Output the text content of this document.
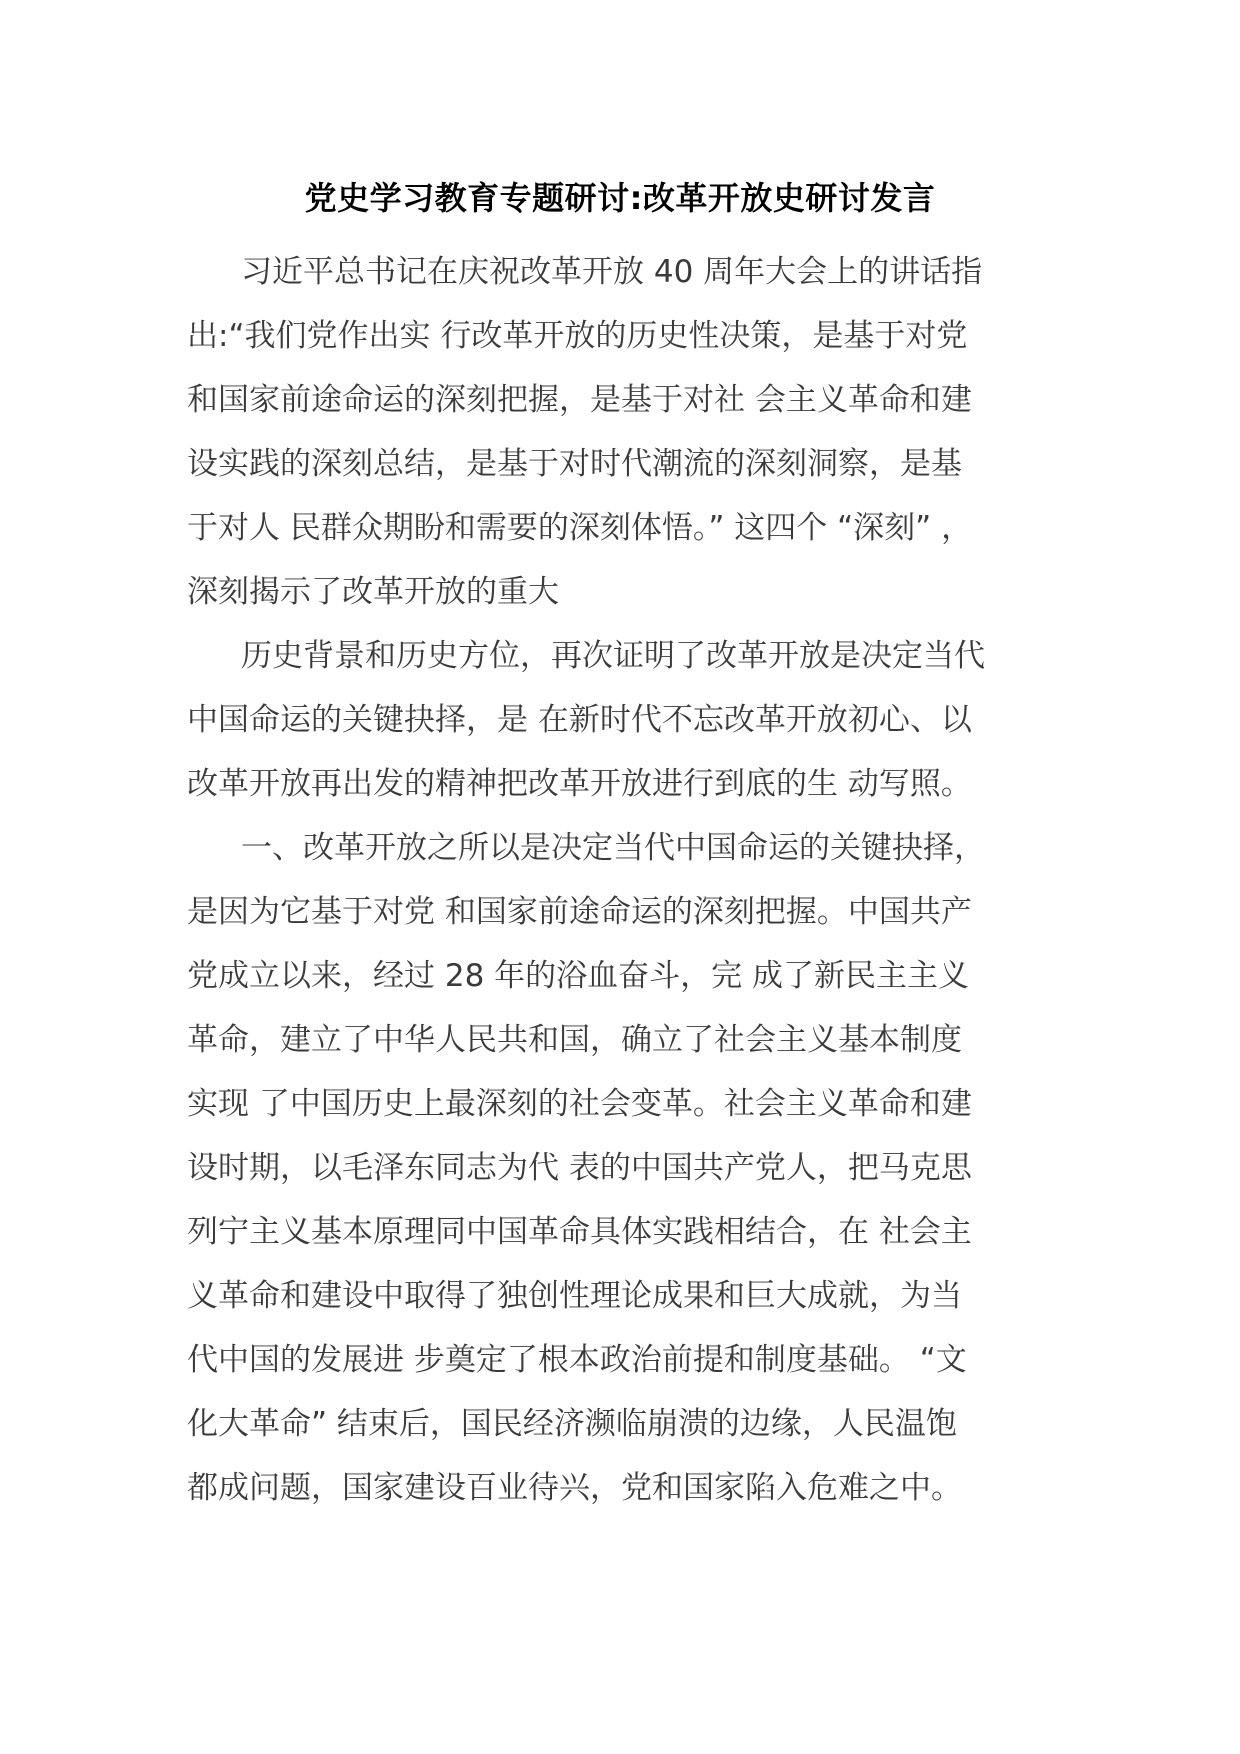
党史学习教育专题研讨:改革开放史研讨发言
习近平总书记在庆祝改革开放 40 周年大会上的讲话指
出:“我们党作出实 行改革开放的历史性决策，是基于对党
和国家前途命运的深刻把握，是基于对社 会主义革命和建
设实践的深刻总结，是基于对时代潮流的深刻洞察，是基
于对人 民群众期盼和需要的深刻体悟。” 这四个 “深刻” ，
深刻揭示了改革开放的重大
历史背景和历史方位，再次证明了改革开放是决定当代
中国命运的关键抉择，是 在新时代不忘改革开放初心、以
改革开放再出发的精神把改革开放进行到底的生 动写照。
一、改革开放之所以是决定当代中国命运的关键抉择，
是因为它基于对党 和国家前途命运的深刻把握。中国共产
党成立以来，经过 28 年的浴血奋斗，完 成了新民主主义
革命，建立了中华人民共和国，确立了社会主义基本制度
实现 了中国历史上最深刻的社会变革。社会主义革命和建
设时期，以毛泽东同志为代 表的中国共产党人，把马克思
列宁主义基本原理同中国革命具体实践相结合，在 社会主
义革命和建设中取得了独创性理论成果和巨大成就，为当
代中国的发展进 步奠定了根本政治前提和制度基础。 “文
化大革命” 结束后，国民经济濒临崩溃的边缘，人民温饱
都成问题，国家建设百业待兴，党和国家陷入危难之中。
